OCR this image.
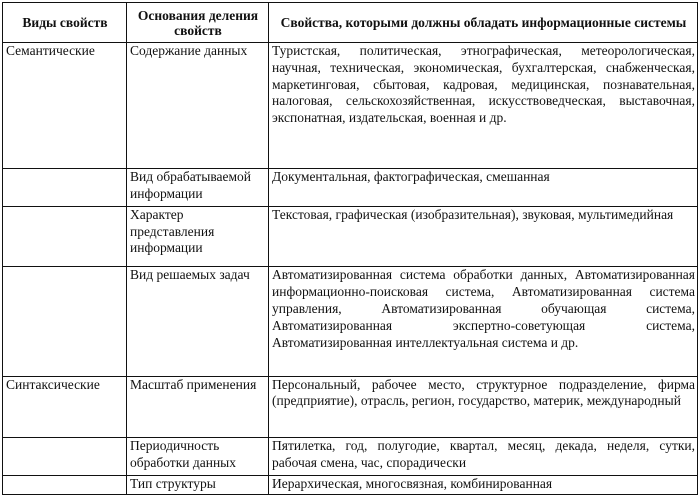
Виды свойств	Основания деления свойств	Свойства, которыми должны обладать информационные системы
Семантические	Содержание данных	Туристская, политическая, этнографическая, метеорологическая, научная, техническая, экономическая, бухгалтерская, снабженческая, маркетинговая, сбытовая, кадровая, медицинская, познавательная, налоговая, сельскохозяйственная, искусствоведческая, выставочная, экспонатная, издательская, военная и др.
	Вид обрабатываемой информации	Документальная, фактографическая, смешанная
	Характер представления информации	Текстовая, графическая (изобразительная), звуковая, мультимедийная
	Вид решаемых задач	Автоматизированная система обработки данных, Автоматизированная информационно-поисковая система, Автоматизированная система управления, Автоматизированная обучающая система, Автоматизированная экспертно-советующая система, Автоматизированная интеллектуальная система и др.
Синтаксические	Масштаб применения	Персональный, рабочее место, структурное подразделение, фирма (предприятие), отрасль, регион, государство, материк, международный
	Периодичность обработки данных	Пятилетка, год, полугодие, квартал, месяц, декада, неделя, сутки, рабочая смена, час, спорадически
	Тип структуры	Иерархическая, многосвязная, комбинированная
